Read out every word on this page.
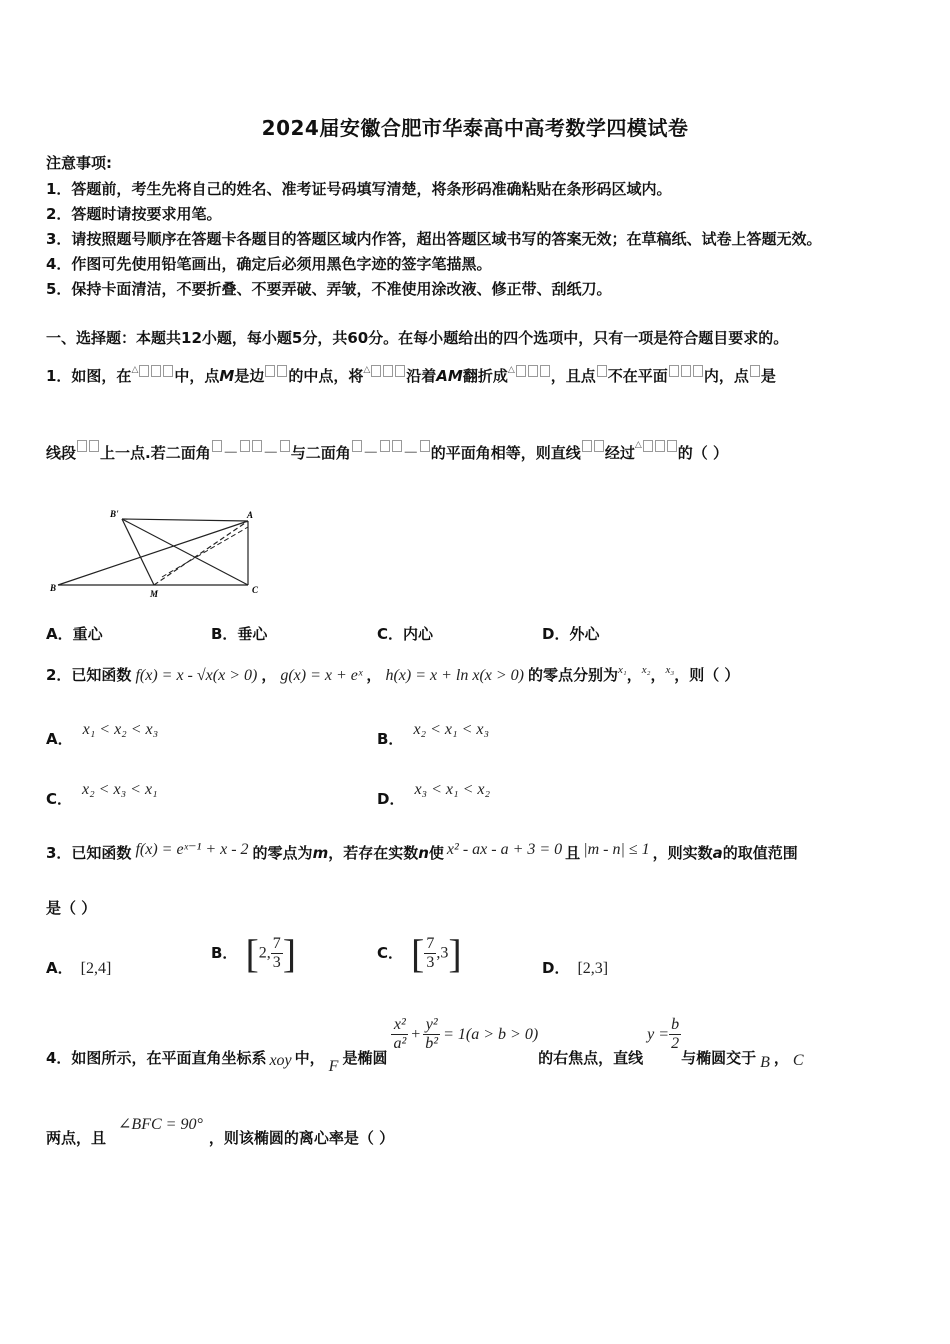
2024届安徽合肥市华泰高中高考数学四模试卷
注意事项:
1．答题前，考生先将自己的姓名、准考证号码填写清楚，将条形码准确粘贴在条形码区域内。
2．答题时请按要求用笔。
3．请按照题号顺序在答题卡各题目的答题区域内作答，超出答题区域书写的答案无效；在草稿纸、试卷上答题无效。
4．作图可先使用铅笔画出，确定后必须用黑色字迹的签字笔描黑。
5．保持卡面清洁，不要折叠、不要弄破、弄皱，不准使用涂改液、修正带、刮纸刀。
一、选择题：本题共12小题，每小题5分，共60分。在每小题给出的四个选项中，只有一项是符合题目要求的。
1．如图，在△ 中，点M是边 的中点，将△ 沿着AM翻折成△ ，且点 不在平面 内，点 是
线段 上一点.若二面角 － － 与二面角 － － 的平面角相等，则直线 经过△ 的（ ）
B'	A
B
M	C
A．重心	B．垂心	C．内心	D．外心
2．已知函数 f(x) = x - √x(x > 0) ， g(x) = x + eˣ ， h(x) = x + ln x(x > 0) 的零点分别为$^{x_1}$，$^{x_2}$，$^{x_3}$，则（ ）
A．x₁ < x₂ < x₃
B．x₂ < x₁ < x₃
C．x₂ < x₃ < x₁
D．x₃ < x₁ < x₂
3．已知函数 f(x) = eˣ⁻¹ + x - 2 的零点为m，若存在实数n使 x² - ax - a + 3 = 0 且 |m - n| ≤ 1 ，则实数a的取值范围
是（ ）
A． [2,4]
B． [2, $\frac{7}{3}$ ]	C． [ $\frac{7}{3} ,3$]	D． [2,3]
4．如图所示，在平面直角坐标系 xoy 中， F 是椭圆
$\frac{\text{x²}}{\text{a²}} + \frac{\text{y²}}{\text{b²}} = 1(a > b > 0)$的右焦点，直线$y = \frac{b}{2}$
与椭圆交于 B ， C
两点，且∠BFC = 90°，则该椭圆的离心率是（ ）
